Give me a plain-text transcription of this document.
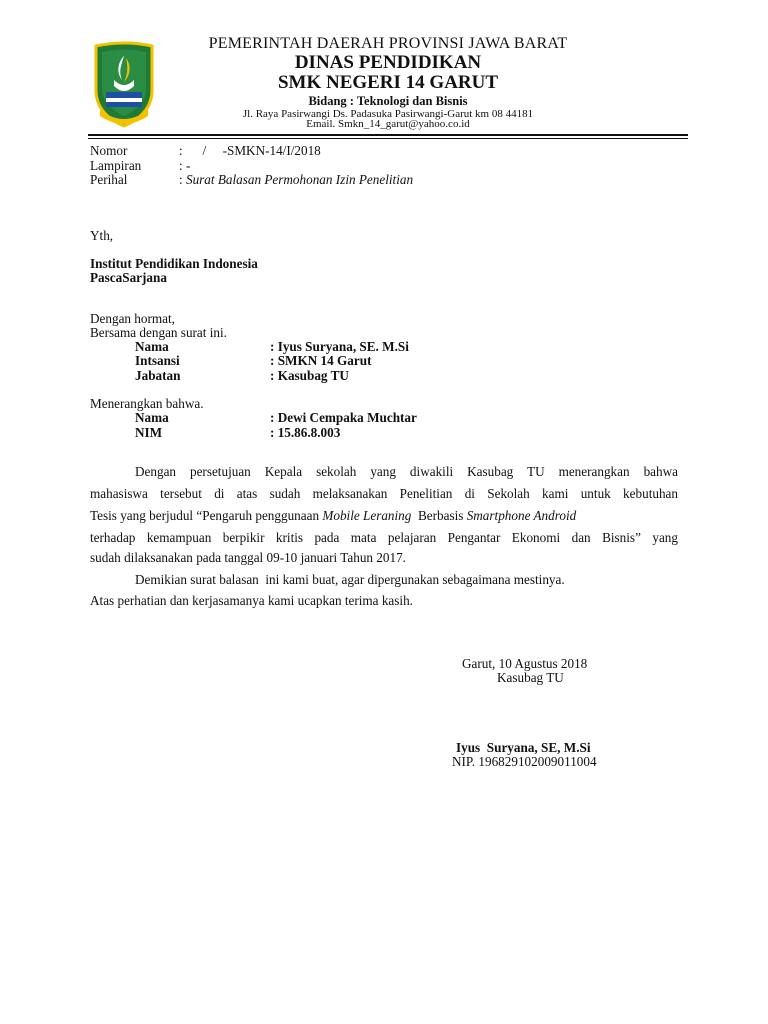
PEMERINTAH DAERAH PROVINSI JAWA BARAT
DINAS PENDIDIKAN
SMK NEGERI 14 GARUT
Bidang : Teknologi dan Bisnis
Jl. Raya Pasirwangi Ds. Padasuka Pasirwangi-Garut km 08 44181
Email. Smkn_14_garut@yahoo.co.id
Nomor	:      /     -SMKN-14/I/2018
Lampiran	: -
Perihal	: Surat Balasan Permohonan Izin Penelitian
Yth,
Institut Pendidikan Indonesia
PascaSarjana
Dengan hormat,
Bersama dengan surat ini.
Nama	: Iyus Suryana, SE. M.Si
Intsansi	: SMKN 14 Garut
Jabatan	: Kasubag TU
Menerangkan bahwa.
Nama	: Dewi Cempaka Muchtar
NIM	: 15.86.8.003
Dengan persetujuan Kepala sekolah yang diwakili Kasubag TU menerangkan bahwa
mahasiswa tersebut di atas sudah melaksanakan Penelitian di Sekolah kami untuk kebutuhan
Tesis yang berjudul “Pengaruh penggunaan Mobile Leraning  Berbasis Smartphone Android
terhadap kemampuan berpikir kritis pada mata pelajaran Pengantar Ekonomi dan Bisnis” yang
sudah dilaksanakan pada tanggal 09-10 januari Tahun 2017.
Demikian surat balasan  ini kami buat, agar dipergunakan sebagaimana mestinya.
Atas perhatian dan kerjasamanya kami ucapkan terima kasih.
Garut, 10 Agustus 2018
Kasubag TU
Iyus  Suryana, SE, M.Si
NIP. 196829102009011004
